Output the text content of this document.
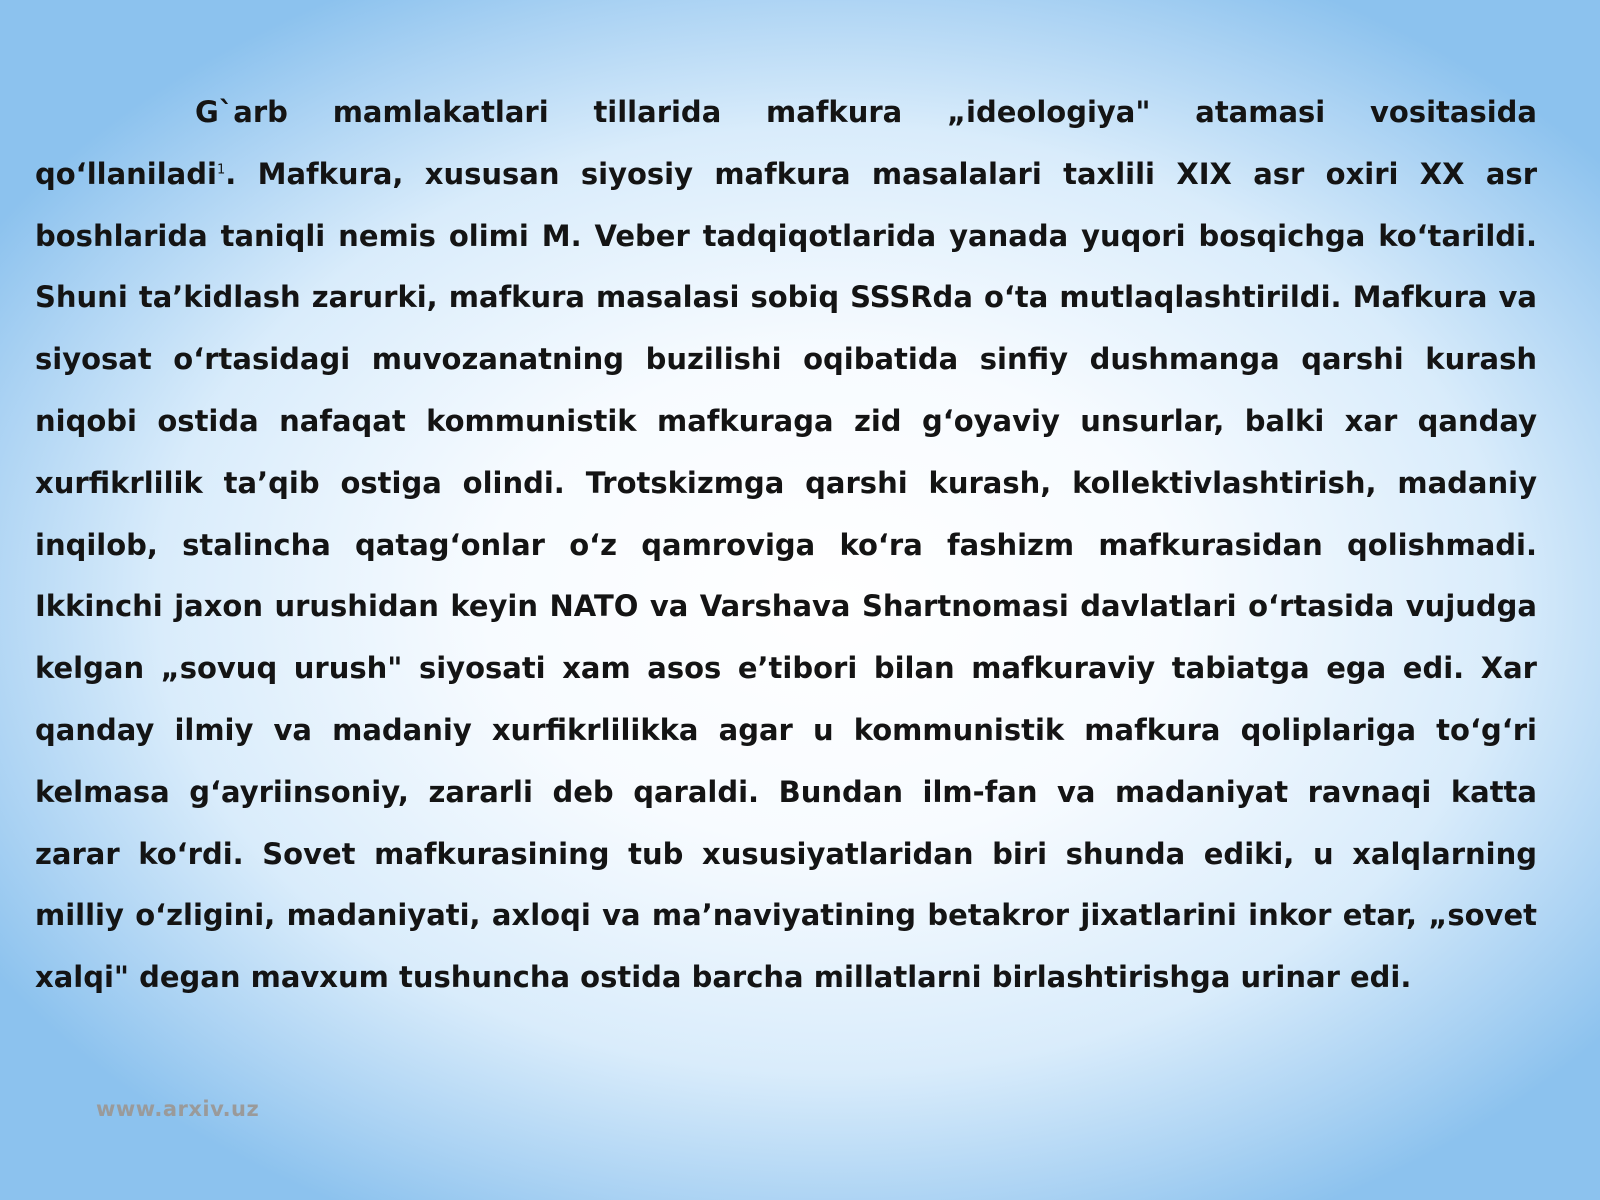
G`arb mamlakatlari tillarida mafkura „ideologiya" atamasi vositasida qo‘llaniladi$^1$. Mafkura, xususan siyosiy mafkura masalalari taxlili XIX asr oxiri XX asr boshlarida taniqli nemis olimi M. Veber tadqiqotlarida yanada yuqori bosqichga ko‘tarildi. Shuni ta’kidlash zarurki, mafkura masalasi sobiq SSSRda o‘ta mutlaqlashtirildi. Mafkura va siyosat o‘rtasidagi muvozanatning buzilishi oqibatida sinfiy dushmanga qarshi kurash niqobi ostida nafaqat kommunistik mafkuraga zid g‘oyaviy unsurlar, balki xar qanday xurfikrlilik ta’qib ostiga olindi. Trotskizmga qarshi kurash, kollektivlashtirish, madaniy inqilob, stalincha qatag‘onlar o‘z qamroviga ko‘ra fashizm mafkurasidan qolishmadi. Ikkinchi jaxon urushidan keyin NATO va Varshava Shartnomasi davlatlari o‘rtasida vujudga kelgan „sovuq urush" siyosati xam asos e’tibori bilan mafkuraviy tabiatga ega edi. Xar qanday ilmiy va madaniy xurfikrlilikka agar u kommunistik mafkura qoliplariga to‘g‘ri kelmasa g‘ayriinsoniy, zararli deb qaraldi. Bundan ilm-fan va madaniyat ravnaqi katta zarar ko‘rdi. Sovet mafkurasining tub xususiyatlaridan biri shunda ediki, u xalqlarning milliy o‘zligini, madaniyati, axloqi va ma’naviyatining betakror jixatlarini inkor etar, „sovet xalqi" degan mavxum tushuncha ostida barcha millatlarni birlashtirishga urinar edi.

www.arxiv.uz
